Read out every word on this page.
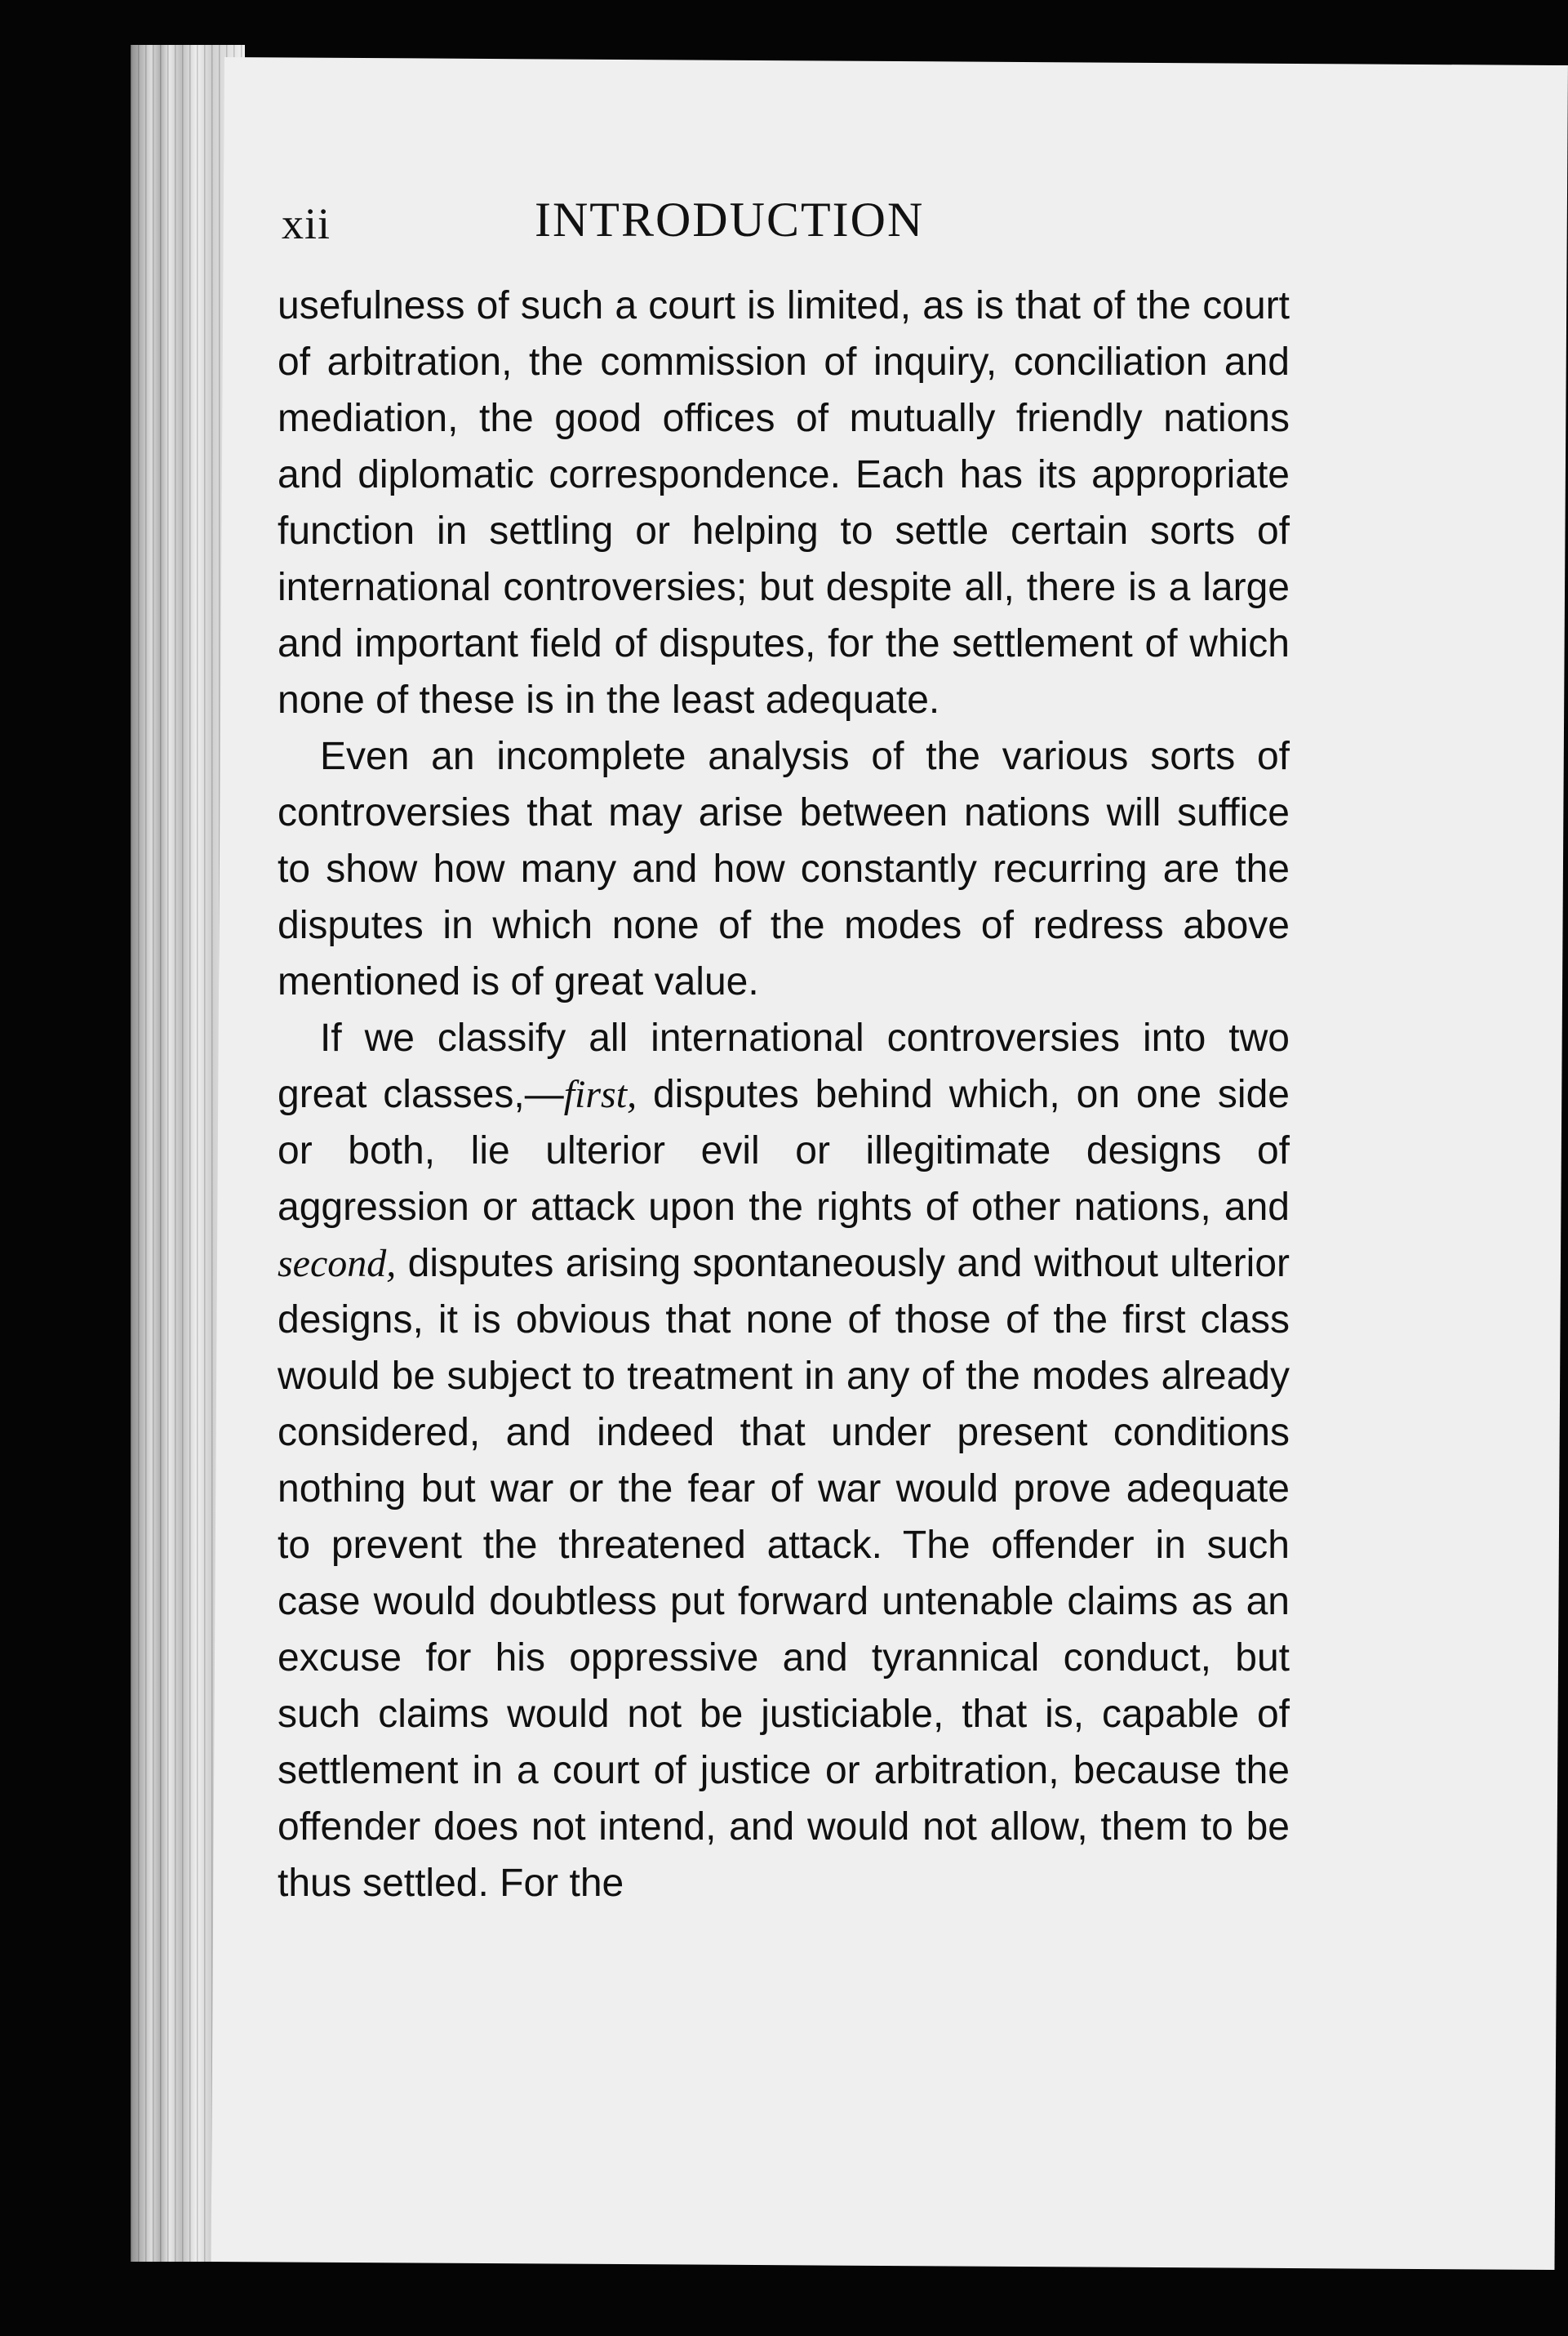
xii	INTRODUCTION

usefulness of such a court is limited, as is that of the court of arbitration, the commission of inquiry, conciliation and mediation, the good offices of mutually friendly nations and diplomatic correspondence. Each has its appropriate function in settling or helping to settle certain sorts of international controversies; but despite all, there is a large and important field of disputes, for the settlement of which none of these is in the least adequate.

Even an incomplete analysis of the various sorts of controversies that may arise between nations will suffice to show how many and how constantly recurring are the disputes in which none of the modes of redress above mentioned is of great value.

If we classify all international controversies into two great classes,—first, disputes behind which, on one side or both, lie ulterior evil or illegitimate designs of aggression or attack upon the rights of other nations, and second, disputes arising spontaneously and without ulterior designs, it is obvious that none of those of the first class would be subject to treatment in any of the modes already considered, and indeed that under present conditions nothing but war or the fear of war would prove adequate to prevent the threatened attack. The offender in such case would doubtless put forward untenable claims as an excuse for his oppressive and tyrannical conduct, but such claims would not be justiciable, that is, capable of settlement in a court of justice or arbitration, because the offender does not intend, and would not allow, them to be thus settled. For the
